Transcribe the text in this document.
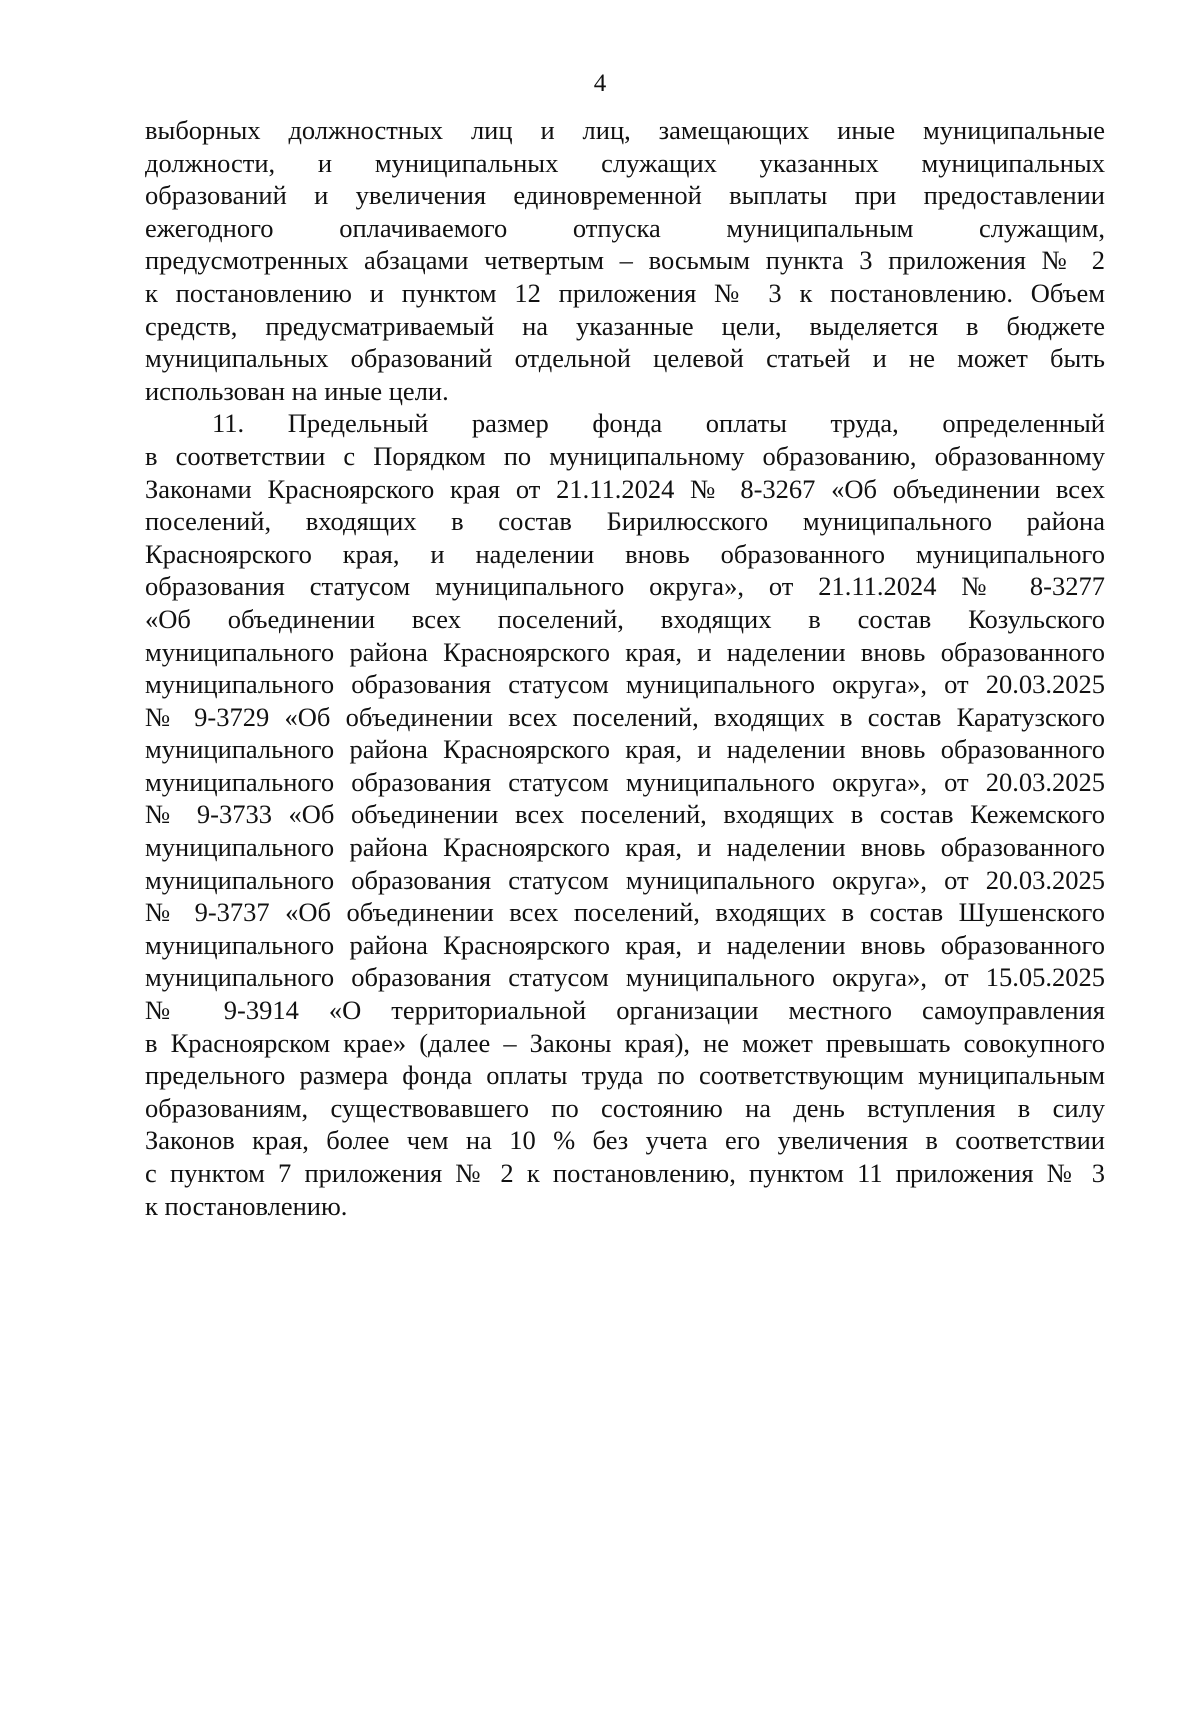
4
выборных должностных лиц и лиц, замещающих иные муниципальные
должности, и муниципальных служащих указанных муниципальных
образований и увеличения единовременной выплаты при предоставлении
ежегодного оплачиваемого отпуска муниципальным служащим,
предусмотренных абзацами четвертым – восьмым пункта 3 приложения № 2
к постановлению и пунктом 12 приложения № 3 к постановлению. Объем
средств, предусматриваемый на указанные цели, выделяется в бюджете
муниципальных образований отдельной целевой статьей и не может быть
использован на иные цели.
11. Предельный размер фонда оплаты труда, определенный
в соответствии с Порядком по муниципальному образованию, образованному
Законами Красноярского края от 21.11.2024 № 8-3267 «Об объединении всех
поселений, входящих в состав Бирилюсского муниципального района
Красноярского края, и наделении вновь образованного муниципального
образования статусом муниципального округа», от 21.11.2024 № 8-3277
«Об объединении всех поселений, входящих в состав Козульского
муниципального района Красноярского края, и наделении вновь образованного
муниципального образования статусом муниципального округа», от 20.03.2025
№ 9-3729 «Об объединении всех поселений, входящих в состав Каратузского
муниципального района Красноярского края, и наделении вновь образованного
муниципального образования статусом муниципального округа», от 20.03.2025
№ 9-3733 «Об объединении всех поселений, входящих в состав Кежемского
муниципального района Красноярского края, и наделении вновь образованного
муниципального образования статусом муниципального округа», от 20.03.2025
№ 9-3737 «Об объединении всех поселений, входящих в состав Шушенского
муниципального района Красноярского края, и наделении вновь образованного
муниципального образования статусом муниципального округа», от 15.05.2025
№ 9-3914 «О территориальной организации местного самоуправления
в Красноярском крае» (далее – Законы края), не может превышать совокупного
предельного размера фонда оплаты труда по соответствующим муниципальным
образованиям, существовавшего по состоянию на день вступления в силу
Законов края, более чем на 10 % без учета его увеличения в соответствии
с пунктом 7 приложения № 2 к постановлению, пунктом 11 приложения № 3
к постановлению.
